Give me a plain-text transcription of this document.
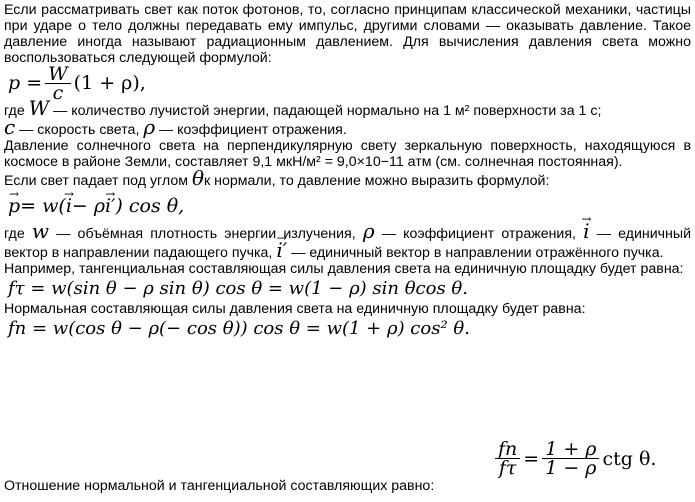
Если рассматривать свет как поток фотонов, то, согласно принципам классической механики, частицы при ударе о тело должны передавать ему импульс, другими словами — оказывать давление. Такое давление иногда называют радиационным давлением. Для вычисления давления света можно воспользоваться следующей формулой:

$p = \frac{W}{c} (1 + \rho)$,

где W — количество лучистой энергии, падающей нормально на 1 м² поверхности за 1 с;
c — скорость света, ρ — коэффициент отражения.

Давление солнечного света на перпендикулярную свету зеркальную поверхность, находящуюся в космосе в районе Земли, составляет 9,1 мкН/м² = 9,0×10−11 атм (см. солнечная постоянная).

Если свет падает под углом θк нормали, то давление можно выразить формулой:

→ p = w( → i − ρ → i′ ) cos θ,

где w — объёмная плотность энергии излучения, ρ — коэффициент отражения, → i — единичный вектор в направлении падающего пучка, → i′ — единичный вектор в направлении отражённого пучка.

Например, тангенциальная составляющая силы давления света на единичную площадку будет равна:

fτ = w(sin θ − ρ sin θ) cos θ = w(1 − ρ) sin θcos θ.

Нормальная составляющая силы давления света на единичную площадку будет равна:

fn = w(cos θ − ρ(− cos θ)) cos θ = w(1 + ρ) cos² θ.
Отношение нормальной и тангенциальной составляющих равно:
$\frac{fn}{f\tau} = \frac{1 + \rho}{1 - \rho}$ ctg θ.
